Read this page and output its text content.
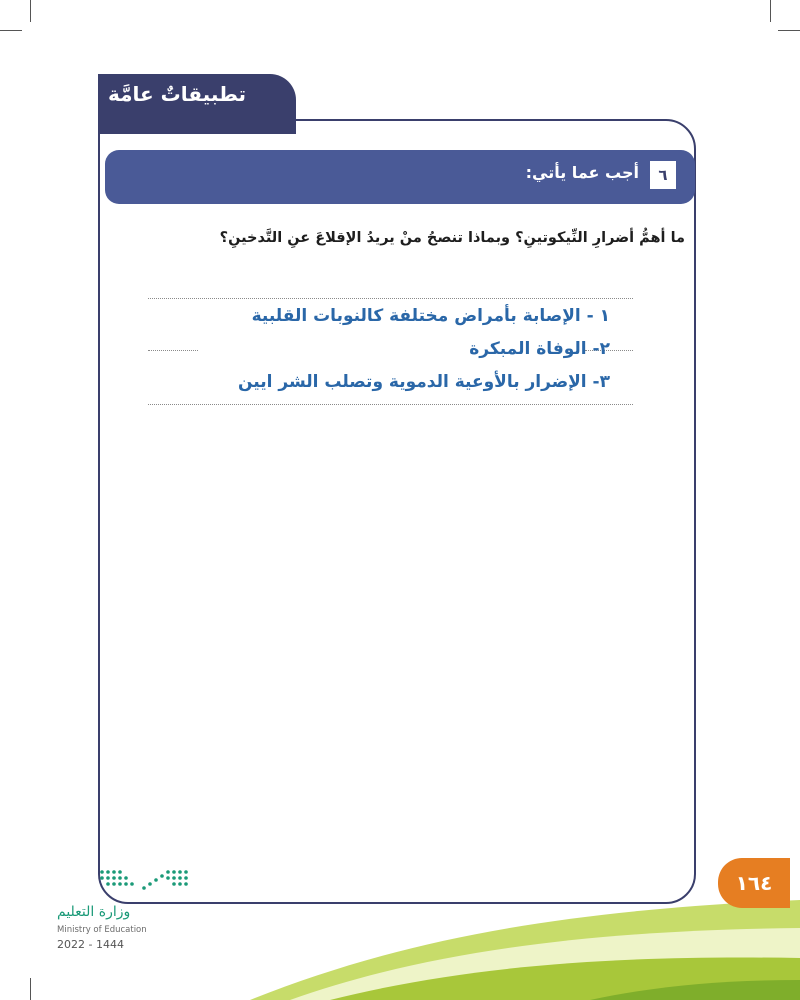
تطبيقاتٌ عامَّة
٦
أجب عما يأتي:
ما أهمُّ أضرارِ النِّيكوتينِ؟ وبماذا تنصحُ منْ يريدُ الإقلاعَ عنِ التَّدخينِ؟
١ - الإصابة بأمراض مختلفة كالنوبات القلبية
٢- الوفاة المبكرة
٣- الإضرار بالأوعية الدموية وتصلب الشر ايين
وزارة التعليم
Ministry of Education
2022 - 1444
١٦٤
